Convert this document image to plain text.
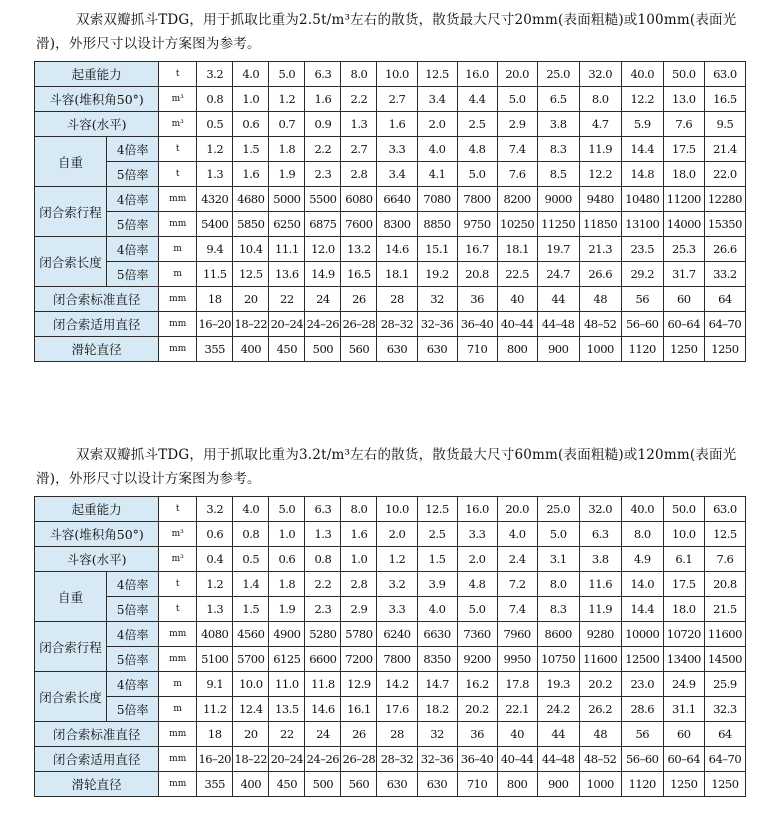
双索双瓣抓斗TDG，用于抓取比重为2.5t/m³左右的散货，散货最大尺寸20mm(表面粗糙)或100mm(表面光滑)，外形尺寸以设计方案图为参考。

起重能力		t	3.2	4.0	5.0	6.3	8.0	10.0	12.5	16.0	20.0	25.0	32.0	40.0	50.0	63.0
斗容(堆积角50°)		m³	0.8	1.0	1.2	1.6	2.2	2.7	3.4	4.4	5.0	6.5	8.0	12.2	13.0	16.5
斗容(水平)		m³	0.5	0.6	0.7	0.9	1.3	1.6	2.0	2.5	2.9	3.8	4.7	5.9	7.6	9.5
自重	4倍率	t	1.2	1.5	1.8	2.2	2.7	3.3	4.0	4.8	7.4	8.3	11.9	14.4	17.5	21.4
	5倍率	t	1.3	1.6	1.9	2.3	2.8	3.4	4.1	5.0	7.6	8.5	12.2	14.8	18.0	22.0
闭合索行程	4倍率	mm	4320	4680	5000	5500	6080	6640	7080	7800	8200	9000	9480	10480	11200	12280
	5倍率	mm	5400	5850	6250	6875	7600	8300	8850	9750	10250	11250	11850	13100	14000	15350
闭合索长度	4倍率	m	9.4	10.4	11.1	12.0	13.2	14.6	15.1	16.7	18.1	19.7	21.3	23.5	25.3	26.6
	5倍率	m	11.5	12.5	13.6	14.9	16.5	18.1	19.2	20.8	22.5	24.7	26.6	29.2	31.7	33.2
闭合索标准直径		mm	18	20	22	24	26	28	32	36	40	44	48	56	60	64
闭合索适用直径		mm	16–20	18–22	20–24	24–26	26–28	28–32	32–36	36–40	40–44	44–48	48–52	56–60	60–64	64–70
滑轮直径		mm	355	400	450	500	560	630	630	710	800	900	1000	1120	1250	1250

双索双瓣抓斗TDG，用于抓取比重为3.2t/m³左右的散货，散货最大尺寸60mm(表面粗糙)或120mm(表面光滑)，外形尺寸以设计方案图为参考。

起重能力		t	3.2	4.0	5.0	6.3	8.0	10.0	12.5	16.0	20.0	25.0	32.0	40.0	50.0	63.0
斗容(堆积角50°)		m³	0.6	0.8	1.0	1.3	1.6	2.0	2.5	3.3	4.0	5.0	6.3	8.0	10.0	12.5
斗容(水平)		m³	0.4	0.5	0.6	0.8	1.0	1.2	1.5	2.0	2.4	3.1	3.8	4.9	6.1	7.6
自重	4倍率	t	1.2	1.4	1.8	2.2	2.8	3.2	3.9	4.8	7.2	8.0	11.6	14.0	17.5	20.8
	5倍率	t	1.3	1.5	1.9	2.3	2.9	3.3	4.0	5.0	7.4	8.3	11.9	14.4	18.0	21.5
闭合索行程	4倍率	mm	4080	4560	4900	5280	5780	6240	6630	7360	7960	8600	9280	10000	10720	11600
	5倍率	mm	5100	5700	6125	6600	7200	7800	8350	9200	9950	10750	11600	12500	13400	14500
闭合索长度	4倍率	m	9.1	10.0	11.0	11.8	12.9	14.2	14.7	16.2	17.8	19.3	20.2	23.0	24.9	25.9
	5倍率	m	11.2	12.4	13.5	14.6	16.1	17.6	18.2	20.2	22.1	24.2	26.2	28.6	31.1	32.3
闭合索标准直径		mm	18	20	22	24	26	28	32	36	40	44	48	56	60	64
闭合索适用直径		mm	16–20	18–22	20–24	24–26	26–28	28–32	32–36	36–40	40–44	44–48	48–52	56–60	60–64	64–70
滑轮直径		mm	355	400	450	500	560	630	630	710	800	900	1000	1120	1250	1250
